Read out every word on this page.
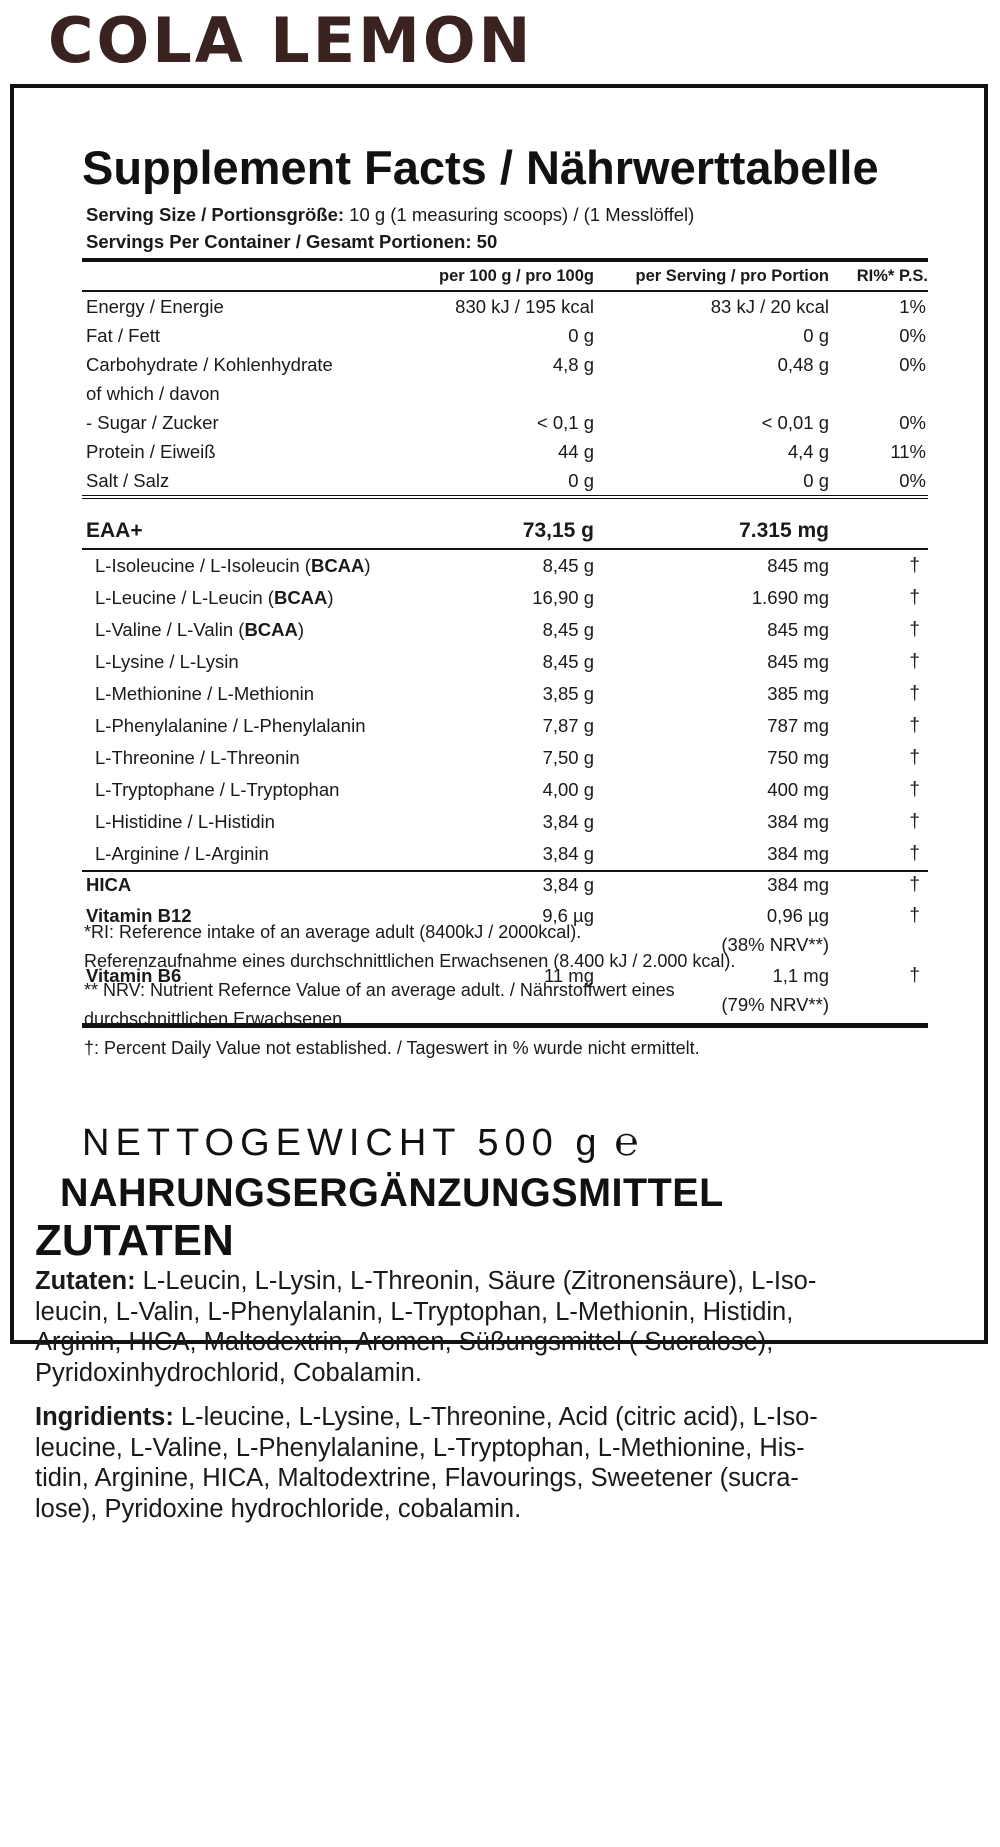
COLA LEMON
Supplement Facts / Nährwerttabelle
Serving Size / Portionsgröße: 10 g (1 measuring scoops) / (1 Messlöffel)
Servings Per Container / Gesamt Portionen: 50
	per 100 g / pro 100g	per Serving / pro Portion	RI%* P.S.
Energy / Energie	830 kJ / 195 kcal	83 kJ / 20 kcal	1%
Fat / Fett	0 g	0 g	0%
Carbohydrate / Kohlenhydrate	4,8 g	0,48 g	0%
of which / davon			
- Sugar / Zucker	< 0,1 g	< 0,01 g	0%
Protein / Eiweiß	44 g	4,4 g	11%
Salt / Salz	0 g	0 g	0%

EAA+	73,15 g	7.315 mg	
L-Isoleucine / L-Isoleucin (BCAA)	8,45 g	845 mg	†
L-Leucine / L-Leucin (BCAA)	16,90 g	1.690 mg	†
L-Valine / L-Valin (BCAA)	8,45 g	845 mg	†
L-Lysine / L-Lysin	8,45 g	845 mg	†
L-Methionine / L-Methionin	3,85 g	385 mg	†
L-Phenylalanine / L-Phenylalanin	7,87 g	787 mg	†
L-Threonine / L-Threonin	7,50 g	750 mg	†
L-Tryptophane / L-Tryptophan	4,00 g	400 mg	†
L-Histidine / L-Histidin	3,84 g	384 mg	†
L-Arginine / L-Arginin	3,84 g	384 mg	†
HICA	3,84 g	384 mg	†
Vitamin B12	9,6 µg	0,96 µg	†
		(38% NRV**)	
Vitamin B6	11 mg	1,1 mg	†
		(79% NRV**)	
*RI: Reference intake of an average adult (8400kJ / 2000kcal).
Referenzaufnahme eines durchschnittlichen Erwachsenen (8.400 kJ / 2.000 kcal).
** NRV: Nutrient Refernce Value of an average adult. / Nährstoffwert eines
durchschnittlichen Erwachsenen.
†: Percent Daily Value not established. / Tageswert in % wurde nicht ermittelt.
NETTOGEWICHT 500 g ℮
NAHRUNGSERGÄNZUNGSMITTEL
ZUTATEN
Zutaten: L-Leucin, L-Lysin, L-Threonin, Säure (Zitronensäure), L-Iso-
leucin, L-Valin, L-Phenylalanin, L-Tryptophan, L-Methionin, Histidin,
Arginin, HICA, Maltodextrin, Aromen, Süßungsmittel ( Sucralose),
Pyridoxinhydrochlorid, Cobalamin.
Ingridients: L-leucine, L-Lysine, L-Threonine, Acid (citric acid), L-Iso-
leucine, L-Valine, L-Phenylalanine, L-Tryptophan, L-Methionine, His-
tidin, Arginine, HICA, Maltodextrine, Flavourings, Sweetener (sucra-
lose), Pyridoxine hydrochloride, cobalamin.
